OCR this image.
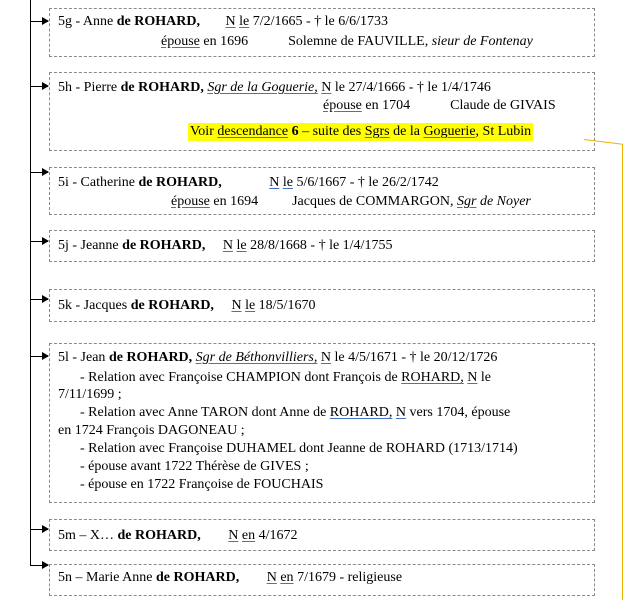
5g - Anne de ROHARD, N le 7/2/1665 - † le 6/6/1733
épouse en 1696	Solemne de FAUVILLE, sieur de Fontenay
5h - Pierre de ROHARD, Sgr de la Goguerie, N le 27/4/1666 - † le 1/4/1746
épouse en 1704	Claude de GIVAIS
Voir descendance 6 – suite des Sgrs de la Goguerie, St Lubin
5i - Catherine de ROHARD,	N le 5/6/1667 - † le 26/2/1742
épouse en 1694 Jacques de COMMARGON, Sgr de Noyer
5j - Jeanne de ROHARD, N le 28/8/1668 - † le 1/4/1755
5k - Jacques de ROHARD, N le 18/5/1670
5l - Jean de ROHARD, Sgr de Béthonvilliers, N le 4/5/1671 - † le 20/12/1726
- Relation avec Françoise CHAMPION dont François de ROHARD, N le
7/11/1699 ;
- Relation avec Anne TARON dont Anne de ROHARD, N vers 1704, épouse
en 1724 François DAGONEAU ;
- Relation avec Françoise DUHAMEL dont Jeanne de ROHARD (1713/1714)
- épouse avant 1722 Thérèse de GIVES ;
- épouse en 1722 Françoise de FOUCHAIS
5m – X… de ROHARD, N en 4/1672
5n – Marie Anne de ROHARD, N en 7/1679 - religieuse
